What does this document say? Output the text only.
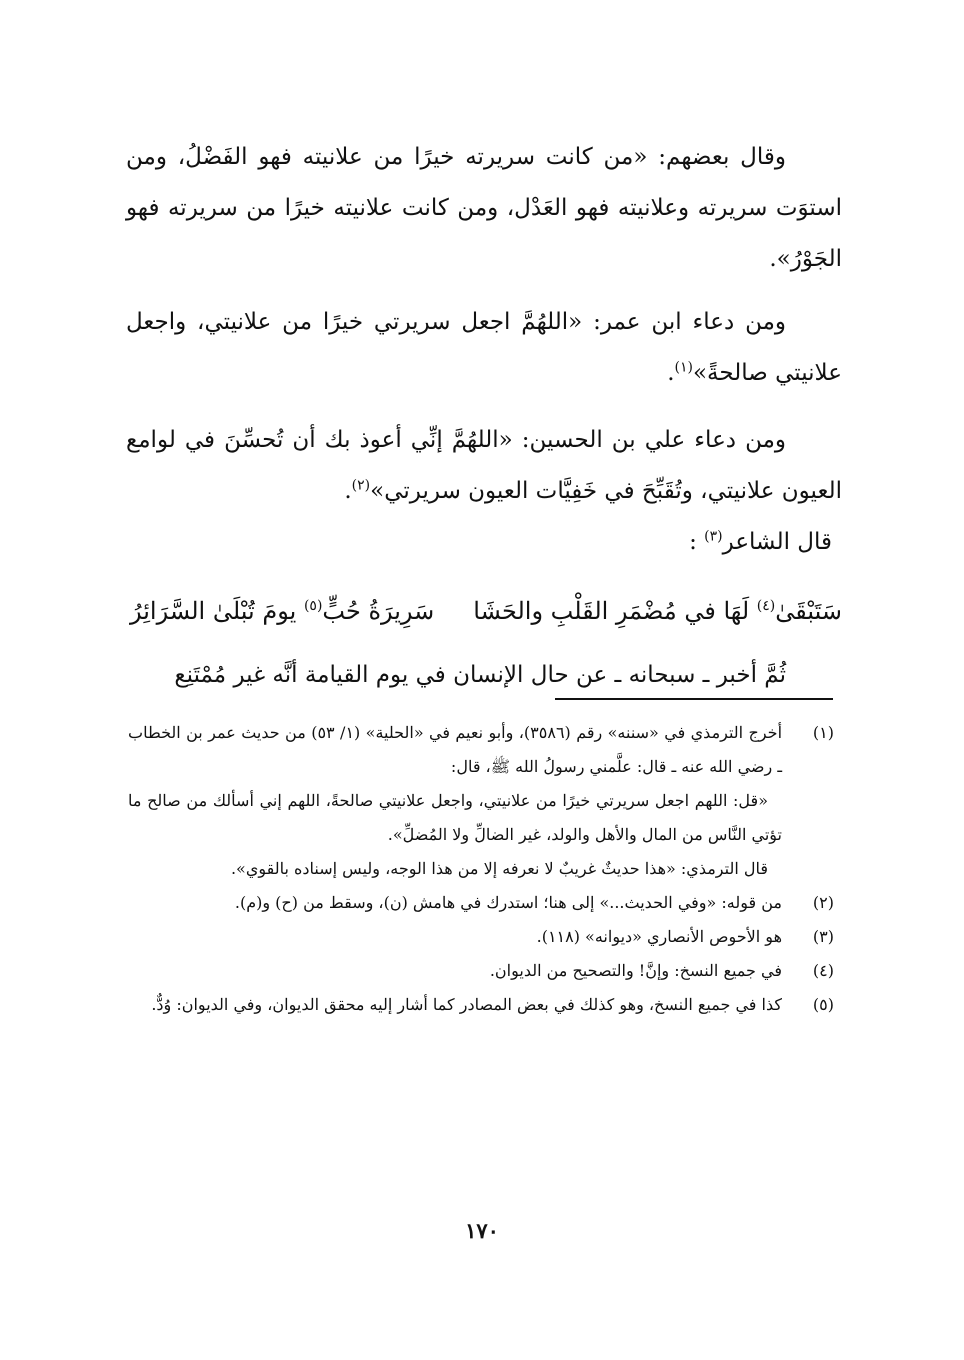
وقال بعضهم: «من كانت سريرته خيرًا من علانيته فهو الفَضْلُ، ومن استوَت سريرته وعلانيته فهو العَدْل، ومن كانت علانيته خيرًا من سريرته فهو الجَوْرُ».

ومن دعاء ابن عمر: «اللهُمَّ اجعل سريرتي خيرًا من علانيتي، واجعل علانيتي صالحةً»$^{(١)}$.

ومن دعاء علي بن الحسين: «اللهُمَّ إنِّي أعوذ بك أن تُحسِّنَ في لوامع العيون علانيتي، وتُقَبِّحَ في خَفِيَّات العيون سريرتي»$^{(٢)}$.

قال الشاعر$^{(٣)}$ :

سَتَبْقَىٰ$^{(٤)}$ لَهَا في مُضْمَرِ القَلْبِ والحَشَا
سَرِيرَةُ حُبٍّ$^{(٥)}$ يومَ تُبْلَىٰ السَّرَائِرُ

ثُمَّ أخبر ـ سبحانه ـ عن حال الإنسان في يوم القيامة أنَّه غير مُمْتَنِع

(١)

أخرج الترمذي في «سننه» رقم (٣٥٨٦)، وأبو نعيم في «الحلية» (١/ ٥٣) من حديث عمر بن الخطاب ـ رضي الله عنه ـ قال: علَّمني رسولُ الله ﷺ، قال:

«قل: اللهم اجعل سريرتي خيرًا من علانيتي، واجعل علانيتي صالحةً، اللهم إني أسألك من صالح ما تؤتي النَّاس من المال والأهل والولد، غير الضالِّ ولا المُضلِّ».

قال الترمذي: «هذا حديثٌ غريبٌ لا نعرفه إلا من هذا الوجه، وليس إسناده بالقوي».

(٢)

من قوله: «وفي الحديث...» إلى هنا؛ استدرك في هامش (ن)، وسقط من (ح) و(م).

(٣)

هو الأحوص الأنصاري «ديوانه» (١١٨).

(٤)

في جميع النسخ: وإنَّ! والتصحيح من الديوان.

(٥)

كذا في جميع النسخ، وهو كذلك في بعض المصادر كما أشار إليه محقق الديوان، وفي الديوان: وُدٌّ.

١٧٠
